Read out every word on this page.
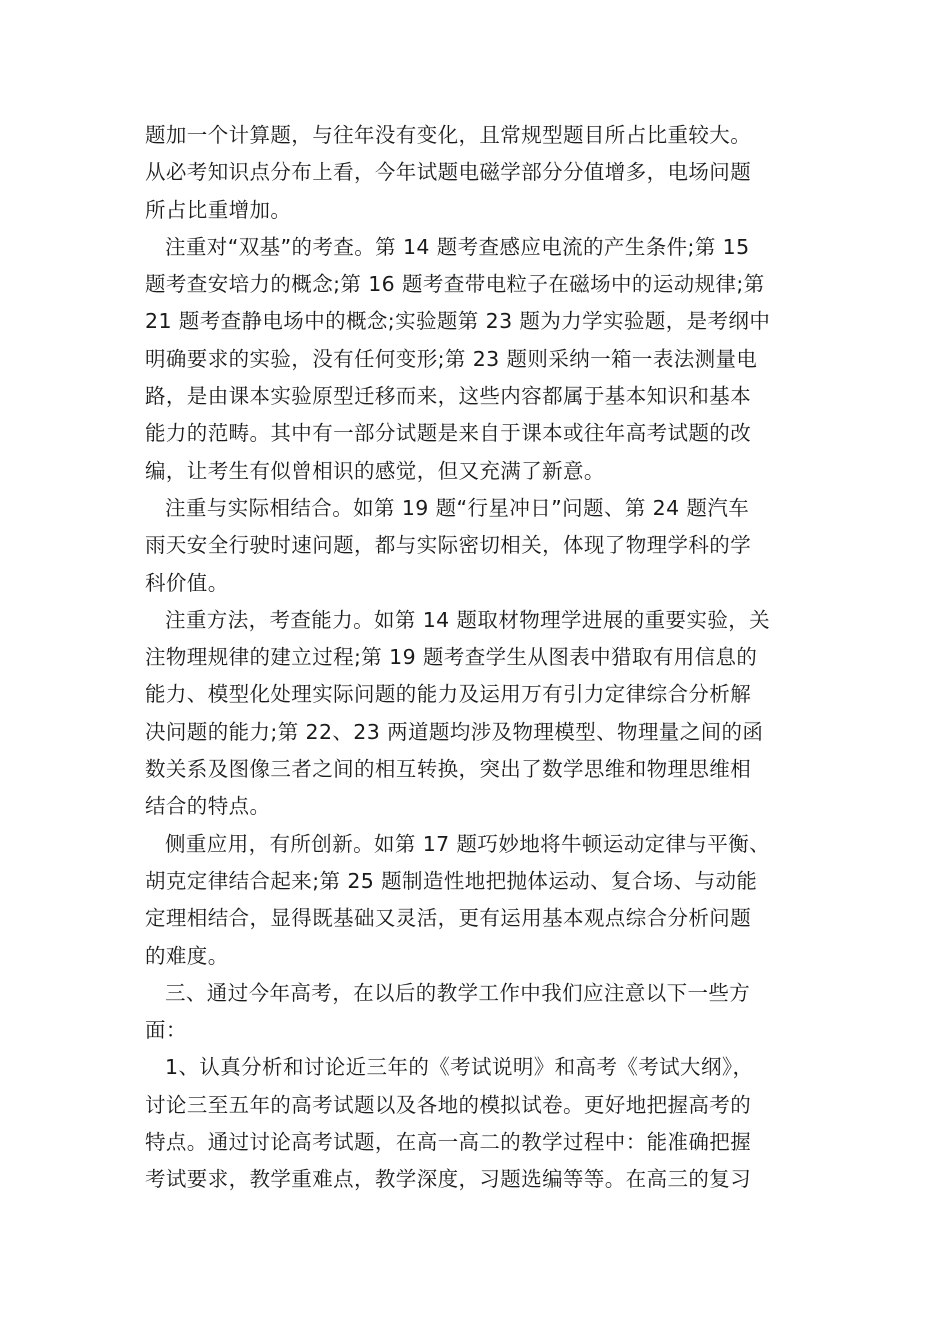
题加一个计算题，与往年没有变化，且常规型题目所占比重较大。
从必考知识点分布上看，今年试题电磁学部分分值增多，电场问题
所占比重增加。
注重对“双基”的考查。第 14 题考查感应电流的产生条件;第 15
题考查安培力的概念;第 16 题考查带电粒子在磁场中的运动规律;第
21 题考查静电场中的概念;实验题第 23 题为力学实验题，是考纲中
明确要求的实验，没有任何变形;第 23 题则采纳一箱一表法测量电
路，是由课本实验原型迁移而来，这些内容都属于基本知识和基本
能力的范畴。其中有一部分试题是来自于课本或往年高考试题的改
编，让考生有似曾相识的感觉，但又充满了新意。
注重与实际相结合。如第 19 题“行星冲日”问题、第 24 题汽车
雨天安全行驶时速问题，都与实际密切相关，体现了物理学科的学
科价值。
注重方法，考查能力。如第 14 题取材物理学进展的重要实验，关
注物理规律的建立过程;第 19 题考查学生从图表中猎取有用信息的
能力、模型化处理实际问题的能力及运用万有引力定律综合分析解
决问题的能力;第 22、23 两道题均涉及物理模型、物理量之间的函
数关系及图像三者之间的相互转换，突出了数学思维和物理思维相
结合的特点。
侧重应用，有所创新。如第 17 题巧妙地将牛顿运动定律与平衡、
胡克定律结合起来;第 25 题制造性地把抛体运动、复合场、与动能
定理相结合，显得既基础又灵活，更有运用基本观点综合分析问题
的难度。
三、通过今年高考，在以后的教学工作中我们应注意以下一些方
面：
1、认真分析和讨论近三年的《考试说明》和高考《考试大纲》，
讨论三至五年的高考试题以及各地的模拟试卷。更好地把握高考的
特点。通过讨论高考试题，在高一高二的教学过程中：能准确把握
考试要求，教学重难点，教学深度，习题选编等等。在高三的复习
